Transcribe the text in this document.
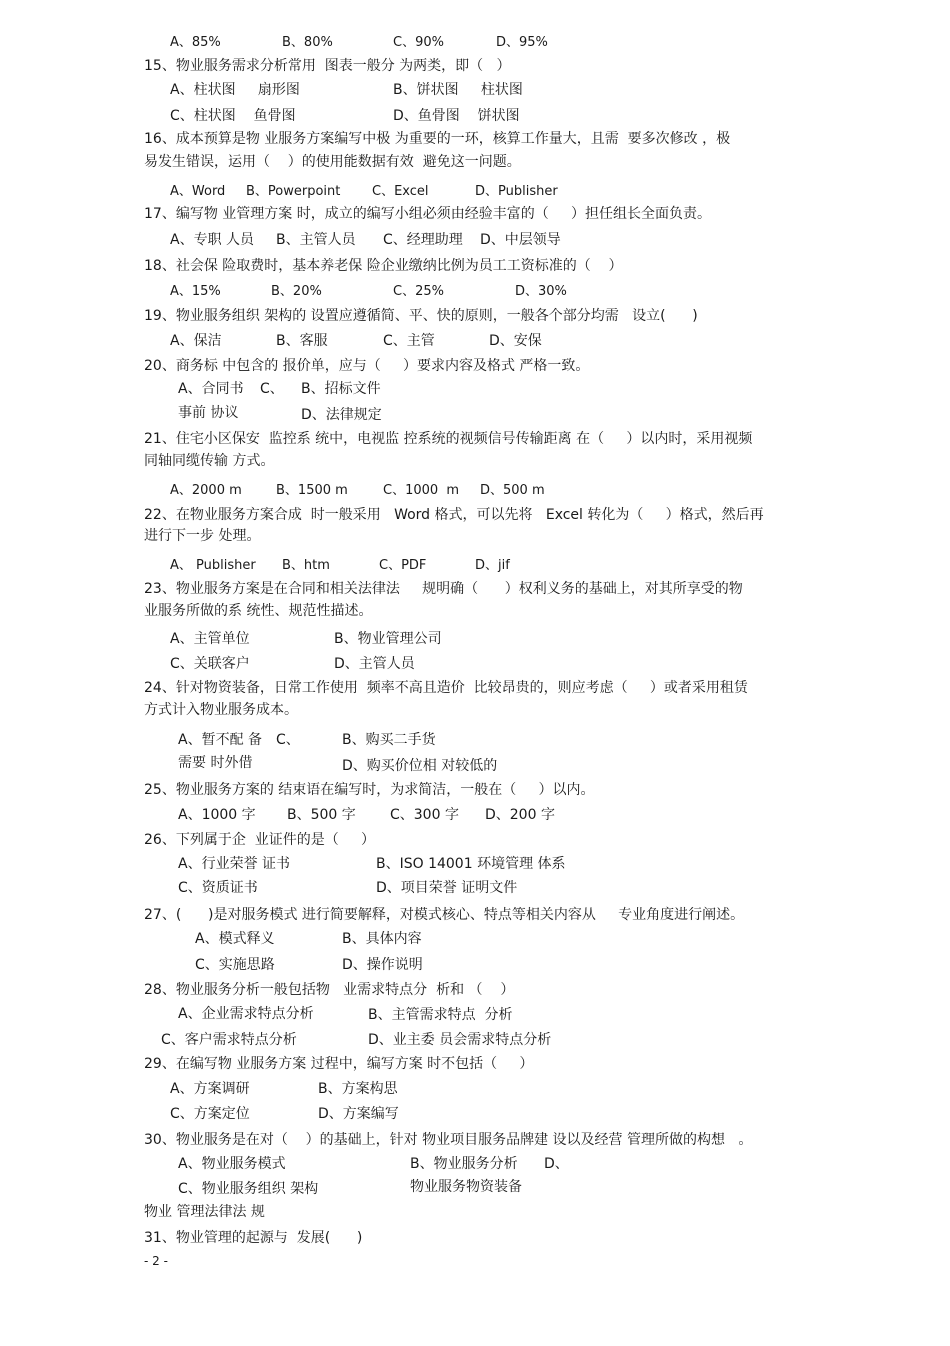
A、85%	B、80%	C、90%	D、95%
15、物业服务需求分析常用  图表一般分 为两类，即（   ）
A、柱状图     扇形图	B、饼状图     柱状图
C、柱状图    鱼骨图	D、鱼骨图    饼状图
16、成本预算是物 业服务方案编写中极 为重要的一环，核算工作量大，且需  要多次修改 ，极
易发生错误，运用（    ）的使用能数据有效  避免这一问题。
A、Word B、Powerpoint C、Excel	D、Publisher
17、编写物 业管理方案 时，成立的编写小组必须由经验丰富的（     ）担任组长全面负责。
A、专职 人员 B、主管人员 C、经理助理 D、中层领导
18、社会保 险取费时，基本养老保 险企业缴纳比例为员工工资标准的（    ）
A、15%	B、20%	C、25%	D、30%
19、物业服务组织 架构的 设置应遵循简、平、快的原则，一般各个部分均需   设立(      )
A、保洁	B、客服	C、主管	D、安保
20、商务标 中包含的 报价单，应与（     ）要求内容及格式 严格一致。
A、合同书 C、 B、招标文件
事前 协议	D、法律规定
21、住宅小区保安  监控系 统中，电视监 控系统的视频信号传输距离 在（     ）以内时，采用视频
同轴同缆传输 方式。
A、2000 m	B、1500 m	C、1000  m D、500 m
22、在物业服务方案合成  时一般采用   Word 格式，可以先将   Excel 转化为（     ）格式，然后再
进行下一步 处理。
A、 Publisher B、htm	C、PDF	D、jif
23、物业服务方案是在合同和相关法律法     规明确（      ）权利义务的基础上，对其所享受的物
业服务所做的系 统性、规范性描述。
A、主管单位	B、物业管理公司
C、关联客户	D、主管人员
24、针对物资装备，日常工作使用  频率不高且造价  比较昂贵的，则应考虑（     ）或者采用租赁
方式计入物业服务成本。
A、暂不配 备 C、	B、购买二手货
需要 时外借	D、购买价位相 对较低的
25、物业服务方案的 结束语在编写时，为求简洁，一般在（     ）以内。
A、1000 字 B、500 字 C、300 字 D、200 字
26、下列属于企  业证件的是（     ）
A、行业荣誉 证书	B、ISO 14001 环境管理 体系
C、资质证书	D、项目荣誉 证明文件
27、(      )是对服务模式 进行简要解释，对模式核心、特点等相关内容从     专业角度进行阐述。
A、模式释义	B、具体内容
C、实施思路	D、操作说明
28、物业服务分析一般包括物   业需求特点分  析和 （    ）
A、企业需求特点分析	B、主管需求特点  分析
C、客户需求特点分析	D、业主委 员会需求特点分析
29、在编写物 业服务方案 过程中，编写方案 时不包括（     ）
A、方案调研	B、方案构思
C、方案定位	D、方案编写
30、物业服务是在对（    ）的基础上，针对 物业项目服务品牌建 设以及经营 管理所做的构想   。
A、物业服务模式	B、物业服务分析 D、
C、物业服务组织 架构	物业服务物资装备
物业 管理法律法 规
31、物业管理的起源与  发展(      )
- 2 -
